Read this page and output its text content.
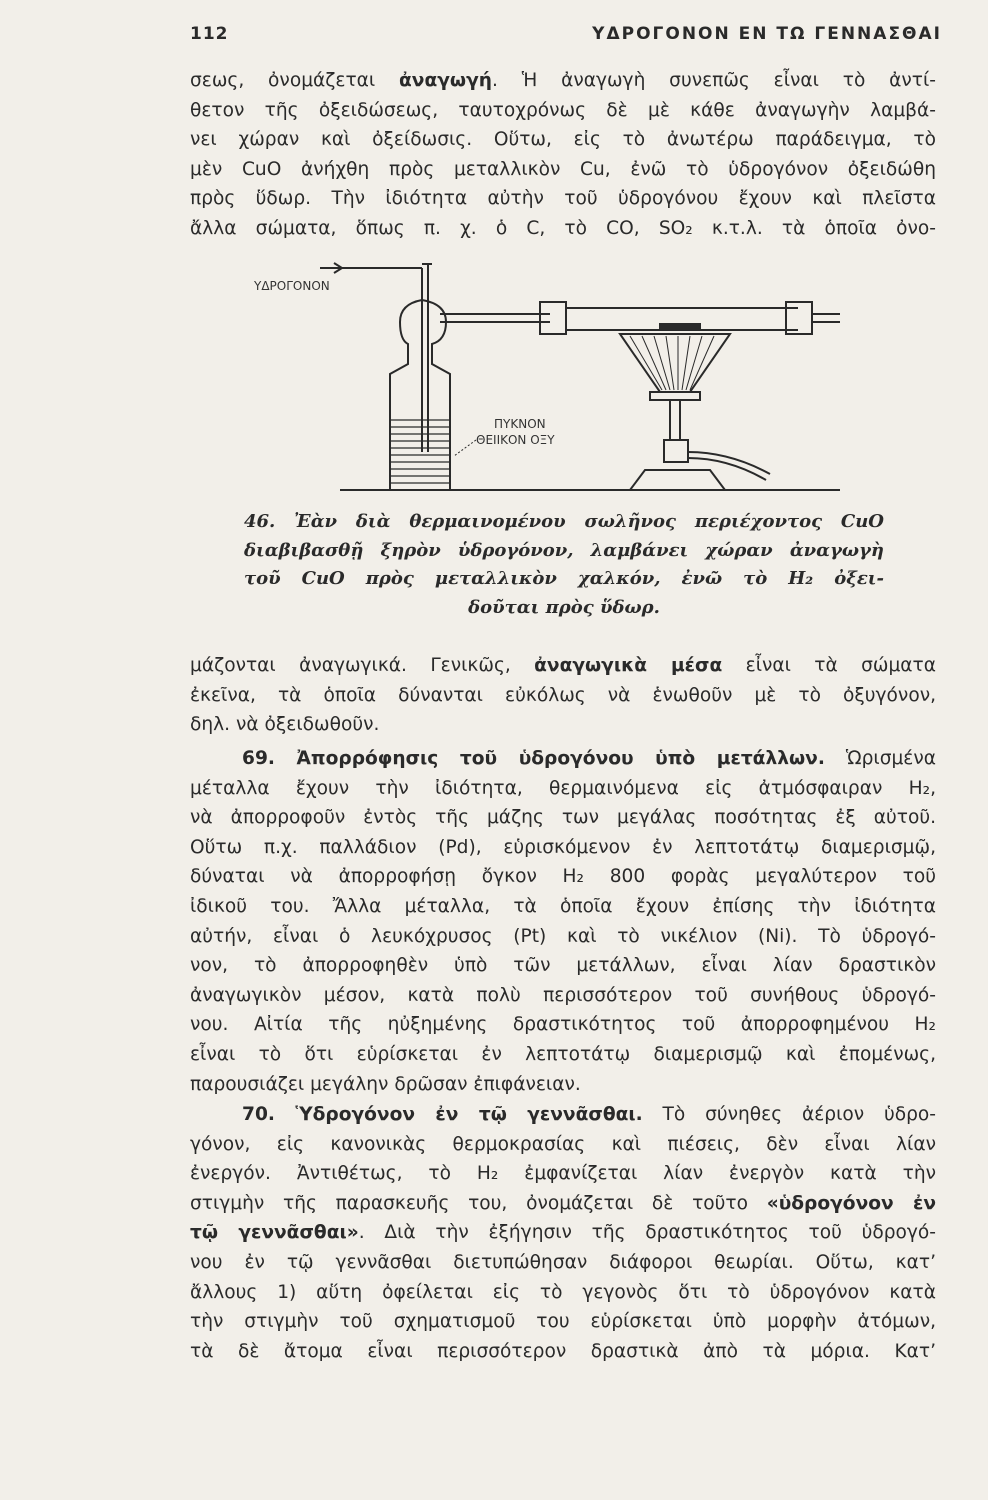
112	ΥΔΡΟΓΟΝΟΝ ΕΝ ΤΩ ΓΕΝΝΑΣΘΑΙ
σεως, ὀνομάζεται ἀναγωγή. Ἡ ἀναγωγὴ συνεπῶς εἶναι τὸ ἀντί-
θετον τῆς ὀξειδώσεως, ταυτοχρόνως δὲ μὲ κάθε ἀναγωγὴν λαμβά-
νει χώραν καὶ ὀξείδωσις. Οὕτω, εἰς τὸ ἀνωτέρω παράδειγμα, τὸ
μὲν CuO ἀνήχθη πρὸς μεταλλικὸν Cu, ἐνῶ τὸ ὑδρογόνον ὀξειδώθη
πρὸς ὕδωρ. Τὴν ἰδιότητα αὐτὴν τοῦ ὑδρογόνου ἔχουν καὶ πλεῖστα
ἄλλα σώματα, ὅπως π. χ. ὁ C, τὸ CO, SO₂ κ.τ.λ. τὰ ὁποῖα ὀνο-
ΥΔΡΟΓΟΝΟΝ
ΠΥΚΝΟΝ
ΘΕΙΙΚΟΝ ΟΞΥ
46. Ἐὰν διὰ θερμαινομένου σωλῆνος περιέχοντος CuO
διαβιβασθῇ ξηρὸν ὑδρογόνον, λαμβάνει χώραν ἀναγωγὴ
τοῦ CuO πρὸς μεταλλικὸν χαλκόν, ἐνῶ τὸ H₂ ὀξει-
δοῦται πρὸς ὕδωρ.
μάζονται ἀναγωγικά. Γενικῶς, ἀναγωγικὰ μέσα εἶναι τὰ σώματα
ἐκεῖνα, τὰ ὁποῖα δύνανται εὐκόλως νὰ ἑνωθοῦν μὲ τὸ ὀξυγόνον,
δηλ. νὰ ὀξειδωθοῦν.
69. Ἀπορρόφησις τοῦ ὑδρογόνου ὑπὸ μετάλλων. Ὡρισμένα
μέταλλα ἔχουν τὴν ἰδιότητα, θερμαινόμενα εἰς ἀτμόσφαιραν H₂,
νὰ ἀπορροφοῦν ἐντὸς τῆς μάζης των μεγάλας ποσότητας ἐξ αὐτοῦ.
Οὕτω π.χ. παλλάδιον (Pd), εὑρισκόμενον ἐν λεπτοτάτῳ διαμερισμῷ,
δύναται νὰ ἀπορροφήσῃ ὄγκον H₂ 800 φορὰς μεγαλύτερον τοῦ
ἰδικοῦ του. Ἄλλα μέταλλα, τὰ ὁποῖα ἔχουν ἐπίσης τὴν ἰδιότητα
αὐτήν, εἶναι ὁ λευκόχρυσος (Pt) καὶ τὸ νικέλιον (Ni). Τὸ ὑδρογό-
νον, τὸ ἀπορροφηθὲν ὑπὸ τῶν μετάλλων, εἶναι λίαν δραστικὸν
ἀναγωγικὸν μέσον, κατὰ πολὺ περισσότερον τοῦ συνήθους ὑδρογό-
νου. Αἰτία τῆς ηὐξημένης δραστικότητος τοῦ ἀπορροφημένου H₂
εἶναι τὸ ὅτι εὑρίσκεται ἐν λεπτοτάτῳ διαμερισμῷ καὶ ἐπομένως,
παρουσιάζει μεγάλην δρῶσαν ἐπιφάνειαν.
70. Ὑδρογόνον ἐν τῷ γεννᾶσθαι. Τὸ σύνηθες ἀέριον ὑδρο-
γόνον, εἰς κανονικὰς θερμοκρασίας καὶ πιέσεις, δὲν εἶναι λίαν
ἐνεργόν. Ἀντιθέτως, τὸ H₂ ἐμφανίζεται λίαν ἐνεργὸν κατὰ τὴν
στιγμὴν τῆς παρασκευῆς του, ὀνομάζεται δὲ τοῦτο «ὑδρογόνον ἐν
τῷ γεννᾶσθαι». Διὰ τὴν ἐξήγησιν τῆς δραστικότητος τοῦ ὑδρογό-
νου ἐν τῷ γεννᾶσθαι διετυπώθησαν διάφοροι θεωρίαι. Οὕτω, κατ’
ἄλλους 1) αὕτη ὀφείλεται εἰς τὸ γεγονὸς ὅτι τὸ ὑδρογόνον κατὰ
τὴν στιγμὴν τοῦ σχηματισμοῦ του εὑρίσκεται ὑπὸ μορφὴν ἀτόμων,
τὰ δὲ ἄτομα εἶναι περισσότερον δραστικὰ ἀπὸ τὰ μόρια. Κατ’
